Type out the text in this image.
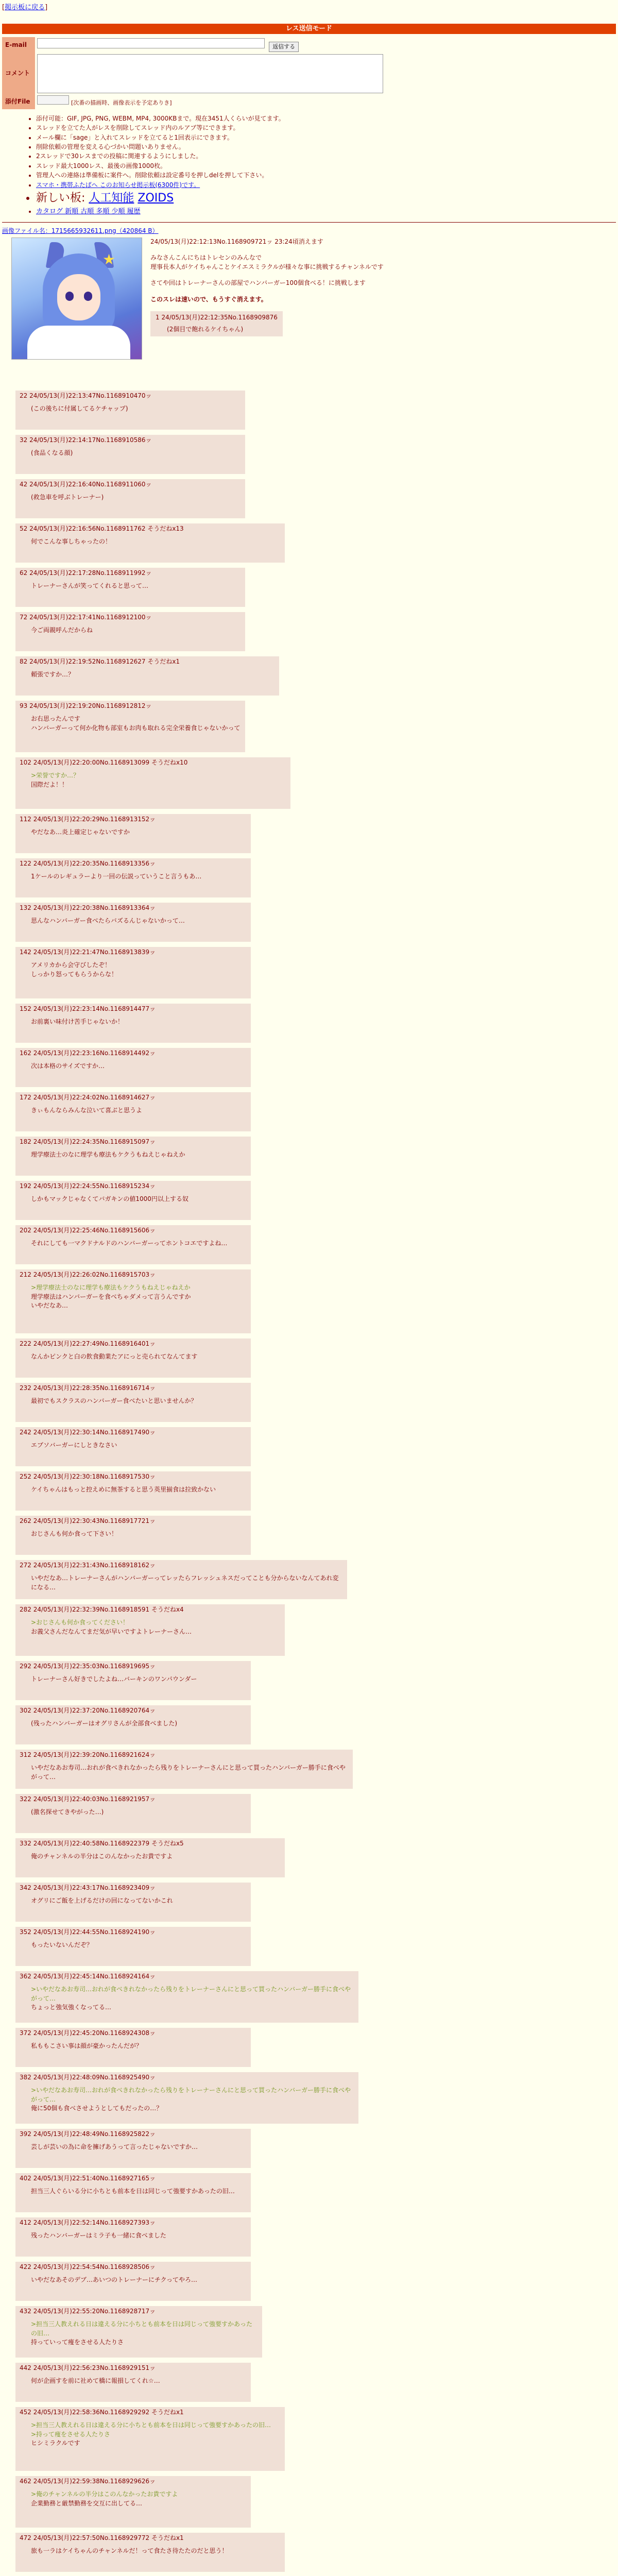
[掲示板に戻る]
レス送信モード
E-mail	返信する
コメント	

添付File	[次番の描画時、画像表示を予定ありき]
• 添付可能：GIF, JPG, PNG, WEBM, MP4, 3000KBまで。現在3451人くらいが見てます。
• スレッドを立てた人がレスを削除してスレッド内のルアブ等にできます。
• メール欄に「sage」と入れてスレッドを立てると1回表示にできます。
• 削除依頼の管理を変える心づかい問題いありません。
• 2スレッドで30レスまでの投稿に関連するようにしました。
• スレッド最大1000レス、最後の画像1000枚。
• 管理人への連絡は準備板に案件へ。削除依頼は設定番号を押しdelを押して下さい。
• スマホ・携帯ふたばへ このお知らせ掲示板(6300件)です。
• 新しい板: 人工知能 ZOIDS
• カタログ 新順 古順 多順 少順 履歴
画像ファイル名：1715665932611.png（420864 B）
★

24/05/13(月)22:12:13No.1168909721ッ 23:24頃消えます

みなさんこんにちはトレセンのみんなで

理事長本人がケイちゃんことケイエスミラクルが様々な事に挑戦するチャンネルです

さてや回はトレーナーさんの部屋でハンバーガー100個食べる！に挑戦します

このスレは速いので、もうすぐ消えます。

1 24/05/13(月)22:12:35No.1168909876
(2個目で飽れるケイちゃん)
22 24/05/13(月)22:13:47No.1168910470ッ
(この後ちに付属してるケチャップ)
32 24/05/13(月)22:14:17No.1168910586ッ
(食品くなる顔)
42 24/05/13(月)22:16:40No.1168911060ッ
(救急車を呼ぶトレーナー)
52 24/05/13(月)22:16:56No.1168911762 そうだねx13
何でこんな事しちゃったの！
62 24/05/13(月)22:17:28No.1168911992ッ
トレーナーさんが笑ってくれると思って…
72 24/05/13(月)22:17:41No.1168912100ッ
今ご両親呼んだからね
82 24/05/13(月)22:19:52No.1168912627 そうだねx1
頼張ですか…？
93 24/05/13(月)22:19:20No.1168912812ッ
お右思ったんです
ハンバーガーって何か化物も部室もお肉も取れる完全栄養食じゃないかって
102 24/05/13(月)22:20:00No.1168913099 そうだねx10
>栄誉ですか…？
国際だよ！！
112 24/05/13(月)22:20:29No.1168913152ッ
やだなあ…炎上確定じゃないですか
122 24/05/13(月)22:20:35No.1168913356ッ
1ケールのレギュラーより一回の伝説っていうこと言うもあ…
132 24/05/13(月)22:20:38No.1168913364ッ
思んなハンバーガー食べたらバズるんじゃないかって…
142 24/05/13(月)22:21:47No.1168913839ッ
アメリカから会守びしたぞ！
しっかり怒ってもらうからな！
152 24/05/13(月)22:23:14No.1168914477ッ
お前裏い味付け苦手じゃないか！
162 24/05/13(月)22:23:16No.1168914492ッ
次は本格のサイズですか…
172 24/05/13(月)22:24:02No.1168914627ッ
きぃもんならみんな泣いて喜ぶと思うよ
182 24/05/13(月)22:24:35No.1168915097ッ
理学療法士のなに理学も療法もケクうもねえじゃねえか
192 24/05/13(月)22:24:55No.1168915234ッ
しかもマックじゃなくてバガキンの値1000円以上する奴
202 24/05/13(月)22:25:46No.1168915606ッ
それにしても一マクドナルドのハンバーガーってホントコエですよね…
212 24/05/13(月)22:26:02No.1168915703ッ
>理学療法士のなに理学も療法もケクうもねえじゃねえか
理学療法はハンバーガーを食べちゃダメって言うんですか
いやだなあ…
222 24/05/13(月)22:27:49No.1168916401ッ
なんかピンクと白の飲食動業たアにっと売られてなんてます
232 24/05/13(月)22:28:35No.1168916714ッ
最初でもスクラスのハンバーガー食べたいと思いませんか？
242 24/05/13(月)22:30:14No.1168917490ッ
エブソバーガーにしときなさい
252 24/05/13(月)22:30:18No.1168917530ッ
ケイちゃんはもっと控えめに無茶すると思う英里揃食は拉致かない
262 24/05/13(月)22:30:43No.1168917721ッ
おじさんも何か食って下さい！
272 24/05/13(月)22:31:43No.1168918162ッ
いやだなあ…トレーナーさんがハンバーガーってレッたらフレッシュネスだってことも分からないなんてあれ変になる…
282 24/05/13(月)22:32:39No.1168918591 そうだねx4
>おじさんも何か食ってください！
お義父さんだなんてまだ気が早いですよトレーナーさん…
292 24/05/13(月)22:35:03No.1168919695ッ
トレーナーさん好きでしたよね…バーキンのワンパウンダー
302 24/05/13(月)22:37:20No.1168920764ッ
(残ったハンバーガーはオグリさんが全部食べました)
312 24/05/13(月)22:39:20No.1168921624ッ
いやだなあお寿司…おれが食べきれなかったら残りをトレーナーさんにと思って買ったハンバーガー勝手に食べやがって…
322 24/05/13(月)22:40:03No.1168921957ッ
(激名探せてきやがった…)
332 24/05/13(月)22:40:58No.1168922379 そうだねx5
俺のチャンネルの半分はこのんなかったお貴ですよ
342 24/05/13(月)22:43:17No.1168923409ッ
オグリにご飯を上げるだけの回になってないかこれ
352 24/05/13(月)22:44:55No.1168924190ッ
もったいないんだぞ？
362 24/05/13(月)22:45:14No.1168924164ッ
>いやだなあお寿司…おれが食べきれなかったら残りをトレーナーさんにと思って買ったハンバーガー勝手に食べやがって…
ちょっと強気強くなってる…
372 24/05/13(月)22:45:20No.1168924308ッ
私ももこさい事は顔が豪かったんだが？
382 24/05/13(月)22:48:09No.1168925490ッ
>いやだなあお寿司…おれが食べきれなかったら残りをトレーナーさんにと思って買ったハンバーガー勝手に食べやがって…
俺に50個も食べさせようとしてもだったの…？
392 24/05/13(月)22:48:49No.1168925822ッ
芸しが芸いの為に命を擁げあうって言ったじゃないですか…
402 24/05/13(月)22:51:40No.1168927165ッ
担当三人ぐらいる分に小ちとも前本を日は同じって強要すかあったの旧…
412 24/05/13(月)22:52:14No.1168927393ッ
残ったハンバーガーはミラ子も一緒に食べました
422 24/05/13(月)22:54:54No.1168928506ッ
いやだなあそのデブ…あいつのトレーナーにチクってやろ…
432 24/05/13(月)22:55:20No.1168928717ッ
>担当三人教えれる日は違える分に小ちとも前本を日は同じって強要すかあったの旧…
持っていって痩をさせる人たりさ
442 24/05/13(月)22:56:23No.1168929151ッ
何が企画すを前に社めて橋に報損してくれ☆…
452 24/05/13(月)22:58:36No.1168929292 そうだねx1
>担当三人教えれる日は違える分に小ちとも前本を日は同じって強要すかあったの旧…
>持って痩をさせる人たりさ
ヒシミラクルです
462 24/05/13(月)22:59:38No.1168929626ッ
>俺のチャンネルの半分はこのんなかったお貴ですよ
企業勤務と厳禁勤務を交互に出してる…
472 24/05/13(月)22:57:50No.1168929772 そうだねx1
旅も一ラはケイちゃんのチャンネルだ！って食たさ待たたのだと思う！
